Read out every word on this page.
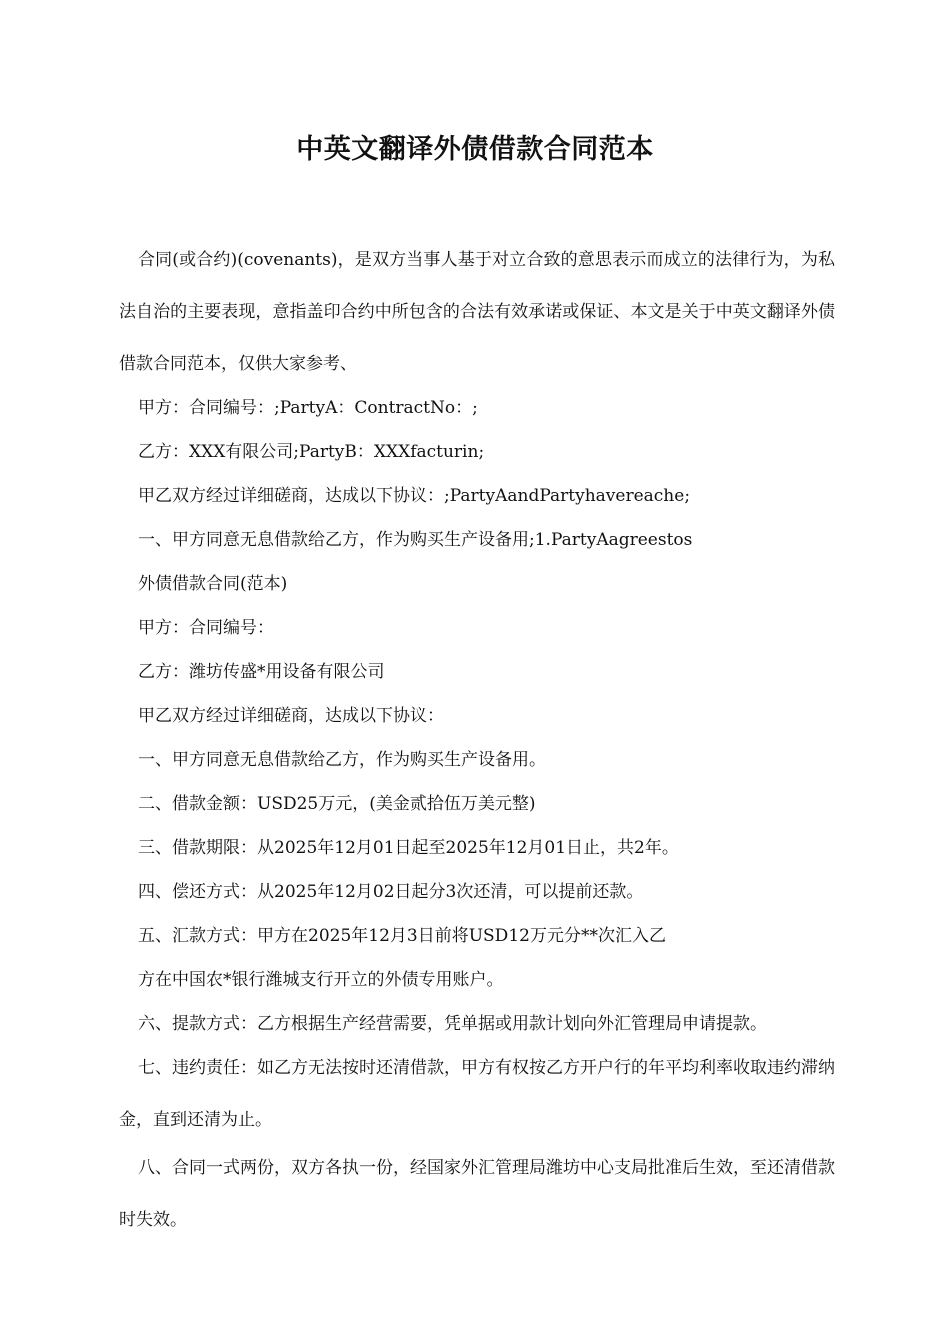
中英文翻译外债借款合同范本

合同(或合约)(covenants)，是双方当事人基于对立合致的意思表示而成立的法律行为，为私法自治的主要表现，意指盖印合约中所包含的合法有效承诺或保证、本文是关于中英文翻译外债借款合同范本，仅供大家参考、

甲方：合同编号：;PartyA：ContractNo：;

乙方：XXX有限公司;PartyB：XXXfacturin;

甲乙双方经过详细磋商，达成以下协议：;PartyAandPartyhavereache;

一、甲方同意无息借款给乙方，作为购买生产设备用;1.PartyAagreestos

外债借款合同(范本)

甲方：合同编号：

乙方：潍坊传盛*用设备有限公司

甲乙双方经过详细磋商，达成以下协议：

一、甲方同意无息借款给乙方，作为购买生产设备用。

二、借款金额：USD25万元，(美金贰拾伍万美元整)

三、借款期限：从2025年12月01日起至2025年12月01日止，共2年。

四、偿还方式：从2025年12月02日起分3次还清，可以提前还款。

五、汇款方式：甲方在2025年12月3日前将USD12万元分**次汇入乙

方在中国农*银行潍城支行开立的外债专用账户。

六、提款方式：乙方根据生产经营需要，凭单据或用款计划向外汇管理局申请提款。

七、违约责任：如乙方无法按时还清借款，甲方有权按乙方开户行的年平均利率收取违约滞纳金，直到还清为止。

八、合同一式两份，双方各执一份，经国家外汇管理局潍坊中心支局批准后生效，至还清借款时失效。
